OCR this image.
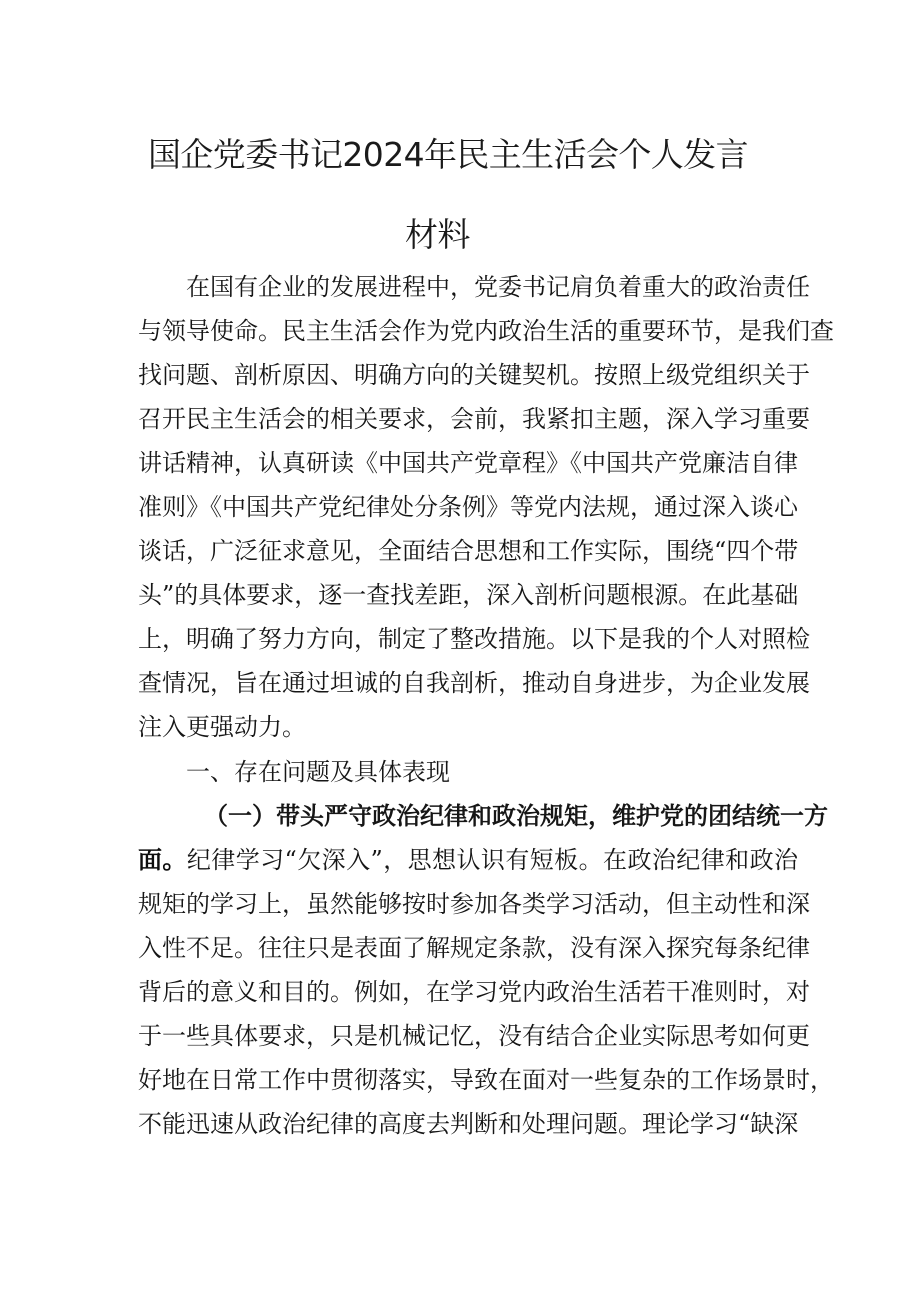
国企党委书记2024年民主生活会个人发言
材料
在国有企业的发展进程中，党委书记肩负着重大的政治责任
与领导使命。民主生活会作为党内政治生活的重要环节，是我们查
找问题、剖析原因、明确方向的关键契机。按照上级党组织关于
召开民主生活会的相关要求，会前，我紧扣主题，深入学习重要
讲话精神，认真研读《中国共产党章程》《中国共产党廉洁自律
准则》《中国共产党纪律处分条例》等党内法规，通过深入谈心
谈话，广泛征求意见，全面结合思想和工作实际，围绕“四个带
头”的具体要求，逐一查找差距，深入剖析问题根源。在此基础
上，明确了努力方向，制定了整改措施。以下是我的个人对照检
查情况，旨在通过坦诚的自我剖析，推动自身进步，为企业发展
注入更强动力。
一、存在问题及具体表现
（一）带头严守政治纪律和政治规矩，维护党的团结统一方
面。纪律学习“欠深入”，思想认识有短板。在政治纪律和政治
规矩的学习上，虽然能够按时参加各类学习活动，但主动性和深
入性不足。往往只是表面了解规定条款，没有深入探究每条纪律
背后的意义和目的。例如，在学习党内政治生活若干准则时，对
于一些具体要求，只是机械记忆，没有结合企业实际思考如何更
好地在日常工作中贯彻落实，导致在面对一些复杂的工作场景时，
不能迅速从政治纪律的高度去判断和处理问题。理论学习“缺深
